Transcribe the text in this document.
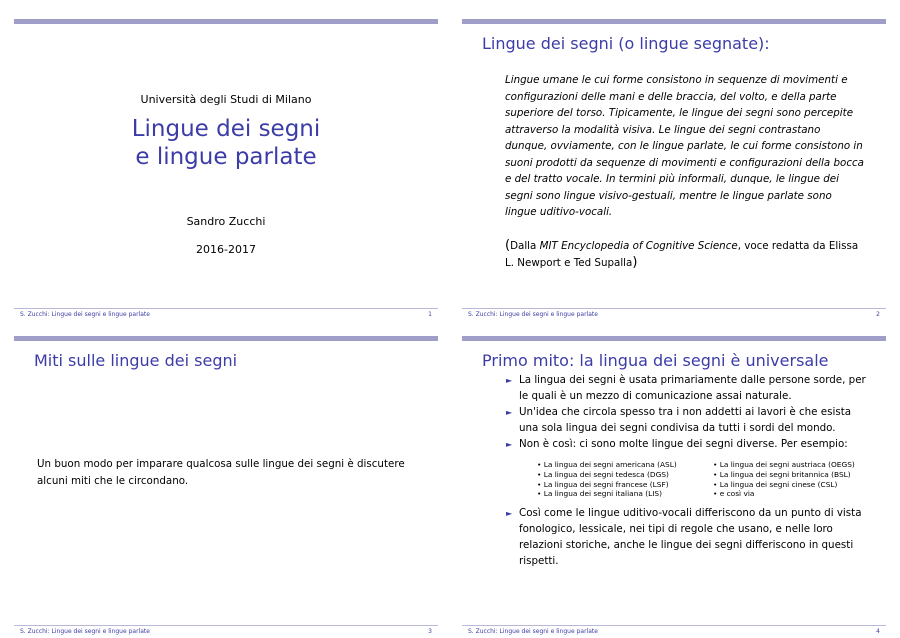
Università degli Studi di Milano
Lingue dei segni
e lingue parlate
Sandro Zucchi
2016-2017
S. Zucchi: Lingue dei segni e lingue parlate	1
Lingue dei segni (o lingue segnate):
Lingue umane le cui forme consistono in sequenze di movimenti e configurazioni delle mani e delle braccia, del volto, e della parte superiore del torso. Tipicamente, le lingue dei segni sono percepite attraverso la modalità visiva. Le lingue dei segni contrastano dunque, ovviamente, con le lingue parlate, le cui forme consistono in suoni prodotti da sequenze di movimenti e configurazioni della bocca e del tratto vocale. In termini più informali, dunque, le lingue dei segni sono lingue visivo-gestuali, mentre le lingue parlate sono lingue uditivo-vocali.
(Dalla MIT Encyclopedia of Cognitive Science, voce redatta da Elissa L. Newport e Ted Supalla)
S. Zucchi: Lingue dei segni e lingue parlate	2
Miti sulle lingue dei segni
Un buon modo per imparare qualcosa sulle lingue dei segni è discutere alcuni miti che le circondano.
S. Zucchi: Lingue dei segni e lingue parlate	3
Primo mito: la lingua dei segni è universale
► La lingua dei segni è usata primariamente dalle persone sorde, per le quali è un mezzo di comunicazione assai naturale.
► Un'idea che circola spesso tra i non addetti ai lavori è che esista una sola lingua dei segni condivisa da tutti i sordi del mondo.
► Non è così: ci sono molte lingue dei segni diverse. Per esempio:
• La lingua dei segni americana (ASL)	• La lingua dei segni austriaca (OEGS)
• La lingua dei segni tedesca (DGS)	• La lingua dei segni britannica (BSL)
• La lingua dei segni francese (LSF)	• La lingua dei segni cinese (CSL)
• La lingua dei segni italiana (LIS)	• e così via
► Così come le lingue uditivo-vocali differiscono da un punto di vista fonologico, lessicale, nei tipi di regole che usano, e nelle loro relazioni storiche, anche le lingue dei segni differiscono in questi rispetti.
S. Zucchi: Lingue dei segni e lingue parlate	4
